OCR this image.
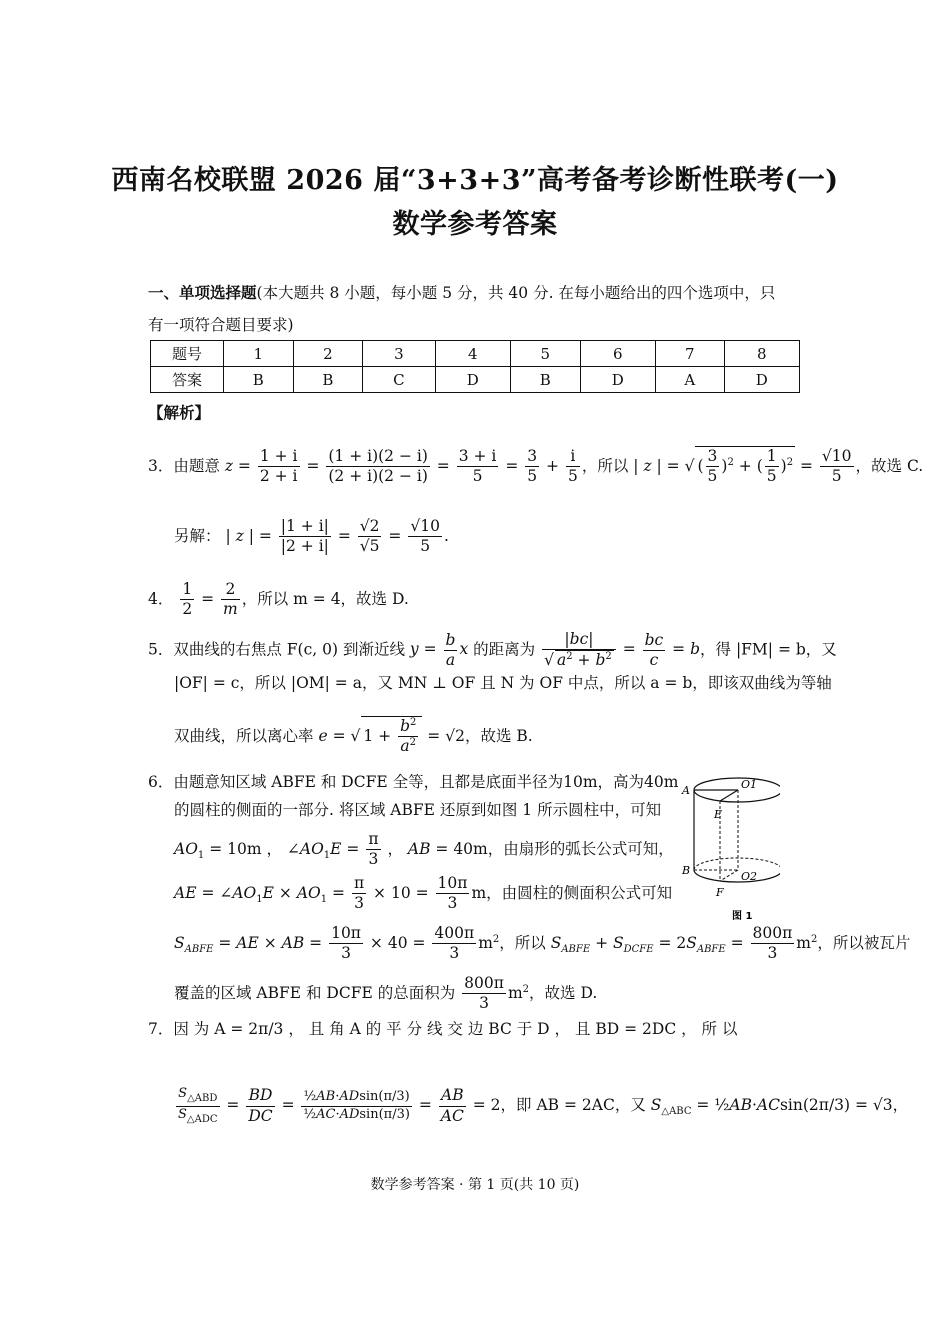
西南名校联盟 2026 届“3+3+3”高考备考诊断性联考(一)
数学参考答案
一、单项选择题(本大题共 8 小题，每小题 5 分，共 40 分. 在每小题给出的四个选项中，只
有一项符合题目要求)
题号	1	2	3	4	5	6	7	8
答案	B	B	C	D	B	D	A	D
【解析】
3．由题意 $z = \frac{1 + i}{2 + i} = \frac{(1 + i)(2 - i)}{(2 + i)(2 - i)} = \frac{3 + i}{5} = \frac{3}{5} + \frac{i}{5}$ ，所以 | z | = √ ( $\frac{3}{5} )^2$ + ( $\frac{1}{5} )^2 = \frac{√10}{5}$ ，故选 C.
另解： | z | = $\frac{|1 + i|}{|2 + i|} = \frac{√2}{√5} = \frac{√10}{5}$ .
4． $\frac{1}{2} = \frac{2}{m}$ ，所以 m = 4，故选 D.
5．双曲线的右焦点 F(c, 0) 到渐近线 $y = \frac{b}{a}$ x 的距离为 $\frac{|bc|}{√ a^2 + b^2} = \frac{bc}{c} = b$，得 |FM| = b，又
|OF| = c，所以 |OM| = a，又 MN ⊥ OF 且 N 为 OF 中点，所以 a = b，即该双曲线为等轴
双曲线，所以离心率 e = √ $1 + \frac{b^2}{a^2} = √2$，故选 B.
6．由题意知区域 ABFE 和 DCFE 全等，且都是底面半径为10m，高为40m
的圆柱的侧面的一部分. 将区域 ABFE 还原到如图 1 所示圆柱中，可知
$AO_1 = 10m$ ， $\angle AO_1E = \frac{\pi}{3}$ ， AB = 40m，由扇形的弧长公式可知，
AE = $\angle AO_1E \times AO_1 = \frac{\pi}{3} \times 10 = \frac{10\pi}{3}$ m，由圆柱的侧面积公式可知
$S_{ABFE}$ = AE × AB = $\frac{10\pi}{3} \times 40 = \frac{400\pi}{3} m^2$，所以 $S_{ABFE} + S_{DCFE} = 2S_{ABFE} = \frac{800\pi}{3} m^2$，所以被瓦片
覆盖的区域 ABFE 和 DCFE 的总面积为 $\frac{800\pi}{3} m^2$，故选 D.
A	O1
E
B	O2
F
图 1
7．因 为 A = 2π/3 ， 且 角 A 的 平 分 线 交 边 BC 于 D ， 且 BD = 2DC ， 所 以
$S_{\triangle ABD}$
$S_{\triangle ADC}$
= $\frac{BD}{DC} = \frac{\text{½AB·ADsin(π/3)}}{\text{½AC·ADsin(π/3)}} = \frac{AB}{AC} = 2$，即 AB = 2AC，又 $S_{\triangle ABC}$ = ½AB·ACsin(2π/3) = √3，
数学参考答案 · 第 1 页(共 10 页)
